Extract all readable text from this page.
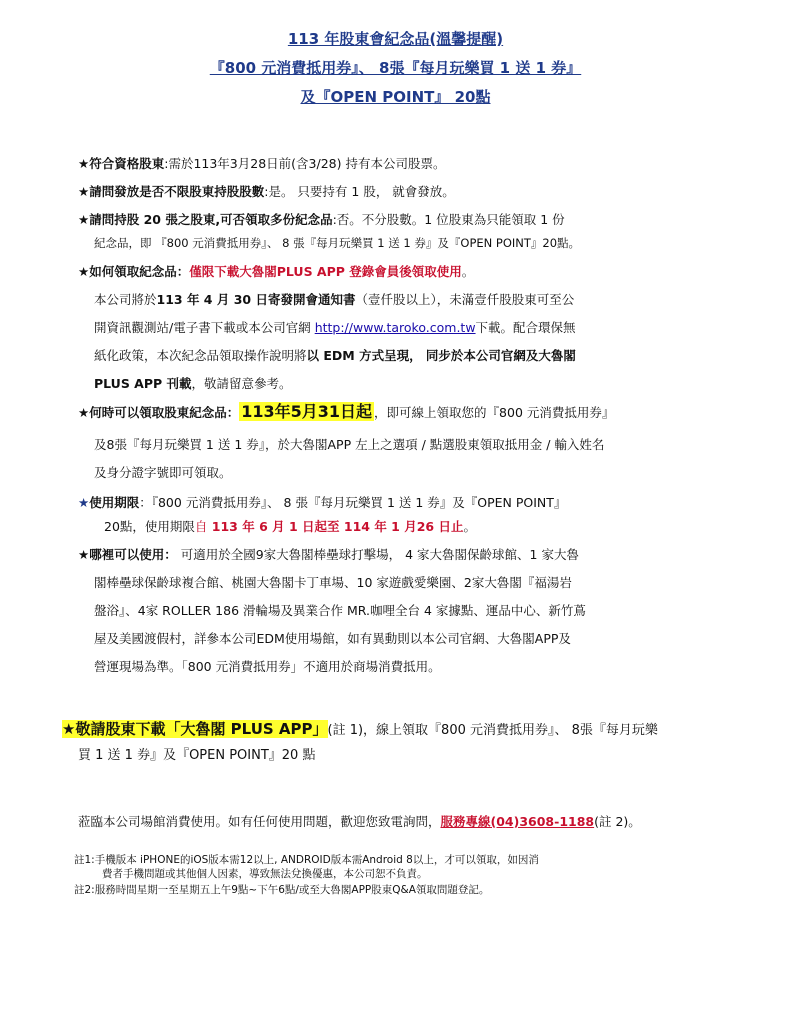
113 年股東會紀念品(溫馨提醒)
『800 元消費抵用券』、 8張『每月玩樂買 1 送 1 券』
及『OPEN POINT』 20點
★符合資格股東:需於113年3月28日前(含3/28) 持有本公司股票。
★請問發放是否不限股東持股股數:是。 只要持有 1 股， 就會發放。
★請問持股 20 張之股東,可否領取多份紀念品:否。不分股數。1 位股東為只能領取 1 份
紀念品，即 『800 元消費抵用券』、 8 張『每月玩樂買 1 送 1 券』及『OPEN POINT』20點。
★如何領取紀念品：僅限下載大魯閣PLUS APP 登錄會員後領取使用。
本公司將於113 年 4 月 30 日寄發開會通知書（壹仟股以上），未滿壹仟股股東可至公
開資訊觀測站/電子書下載或本公司官網 http://www.taroko.com.tw下載。配合環保無
紙化政策，本次紀念品領取操作說明將以 EDM 方式呈現， 同步於本公司官網及大魯閣
PLUS APP 刊載，敬請留意參考。
★何時可以領取股東紀念品： 113年5月31日起 ，即可線上領取您的『800 元消費抵用券』
及8張『每月玩樂買 1 送 1 券』，於大魯閣APP 左上之選項 / 點選股東領取抵用金 / 輸入姓名
及身分證字號即可領取。
★使用期限：『800 元消費抵用券』、 8 張『每月玩樂買 1 送 1 券』及『OPEN POINT』
20點，使用期限自 113 年 6 月 1 日起至 114 年 1 月26 日止。
★哪裡可以使用： 可適用於全國9家大魯閣棒壘球打擊場， 4 家大魯閣保齡球館、1 家大魯
閣棒壘球保齡球複合館、桃園大魯閣卡丁車場、10 家遊戲愛樂園、2家大魯閣『福湯岩
盤浴』、4家 ROLLER 186 滑輪場及異業合作 MR.咖哩全台 4 家據點、運品中心、新竹蔦
屋及美國渡假村，詳參本公司EDM使用場館，如有異動則以本公司官網、大魯閣APP及
營運現場為準。「800 元消費抵用券」不適用於商場消費抵用。
★敬請股東下載「大魯閣 PLUS APP」(註 1)，線上領取『800 元消費抵用券』、 8張『每月玩樂
買 1 送 1 券』及『OPEN POINT』20 點
蒞臨本公司場館消費使用。如有任何使用問題，歡迎您致電詢問，服務專線(04)3608-1188(註 2)。
註1:手機版本 iPHONE的iOS版本需12以上, ANDROID版本需Android 8以上，才可以領取，如因消
費者手機問題或其他個人因素，導致無法兌換優惠，本公司恕不負責。
註2:服務時間星期一至星期五上午9點~下午6點/或至大魯閣APP股東Q&A領取問題登記。
